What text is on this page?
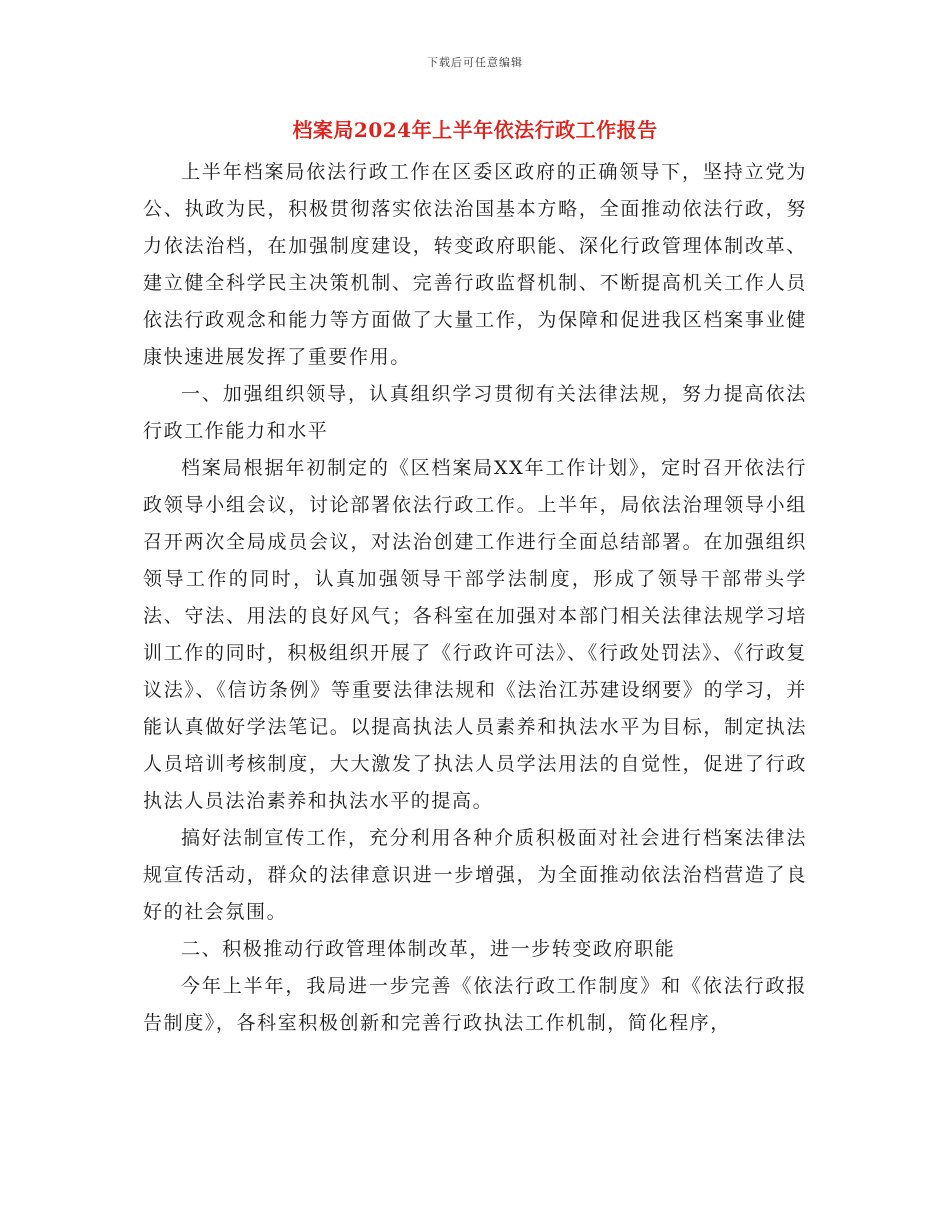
下载后可任意编辑
档案局2024年上半年依法行政工作报告

上半年档案局依法行政工作在区委区政府的正确领导下，坚持立党为公、执政为民，积极贯彻落实依法治国基本方略，全面推动依法行政，努力依法治档，在加强制度建设，转变政府职能、深化行政管理体制改革、建立健全科学民主决策机制、完善行政监督机制、不断提高机关工作人员依法行政观念和能力等方面做了大量工作，为保障和促进我区档案事业健康快速进展发挥了重要作用。

一、加强组织领导，认真组织学习贯彻有关法律法规，努力提高依法行政工作能力和水平

档案局根据年初制定的《区档案局XX年工作计划》，定时召开依法行政领导小组会议，讨论部署依法行政工作。上半年，局依法治理领导小组召开两次全局成员会议，对法治创建工作进行全面总结部署。在加强组织领导工作的同时，认真加强领导干部学法制度，形成了领导干部带头学法、守法、用法的良好风气；各科室在加强对本部门相关法律法规学习培训工作的同时，积极组织开展了《行政许可法》、《行政处罚法》、《行政复议法》、《信访条例》等重要法律法规和《法治江苏建设纲要》的学习，并能认真做好学法笔记。以提高执法人员素养和执法水平为目标，制定执法人员培训考核制度，大大激发了执法人员学法用法的自觉性，促进了行政执法人员法治素养和执法水平的提高。

搞好法制宣传工作，充分利用各种介质积极面对社会进行档案法律法规宣传活动，群众的法律意识进一步增强，为全面推动依法治档营造了良好的社会氛围。

二、积极推动行政管理体制改革，进一步转变政府职能

今年上半年，我局进一步完善《依法行政工作制度》和《依法行政报告制度》，各科室积极创新和完善行政执法工作机制，简化程序，
